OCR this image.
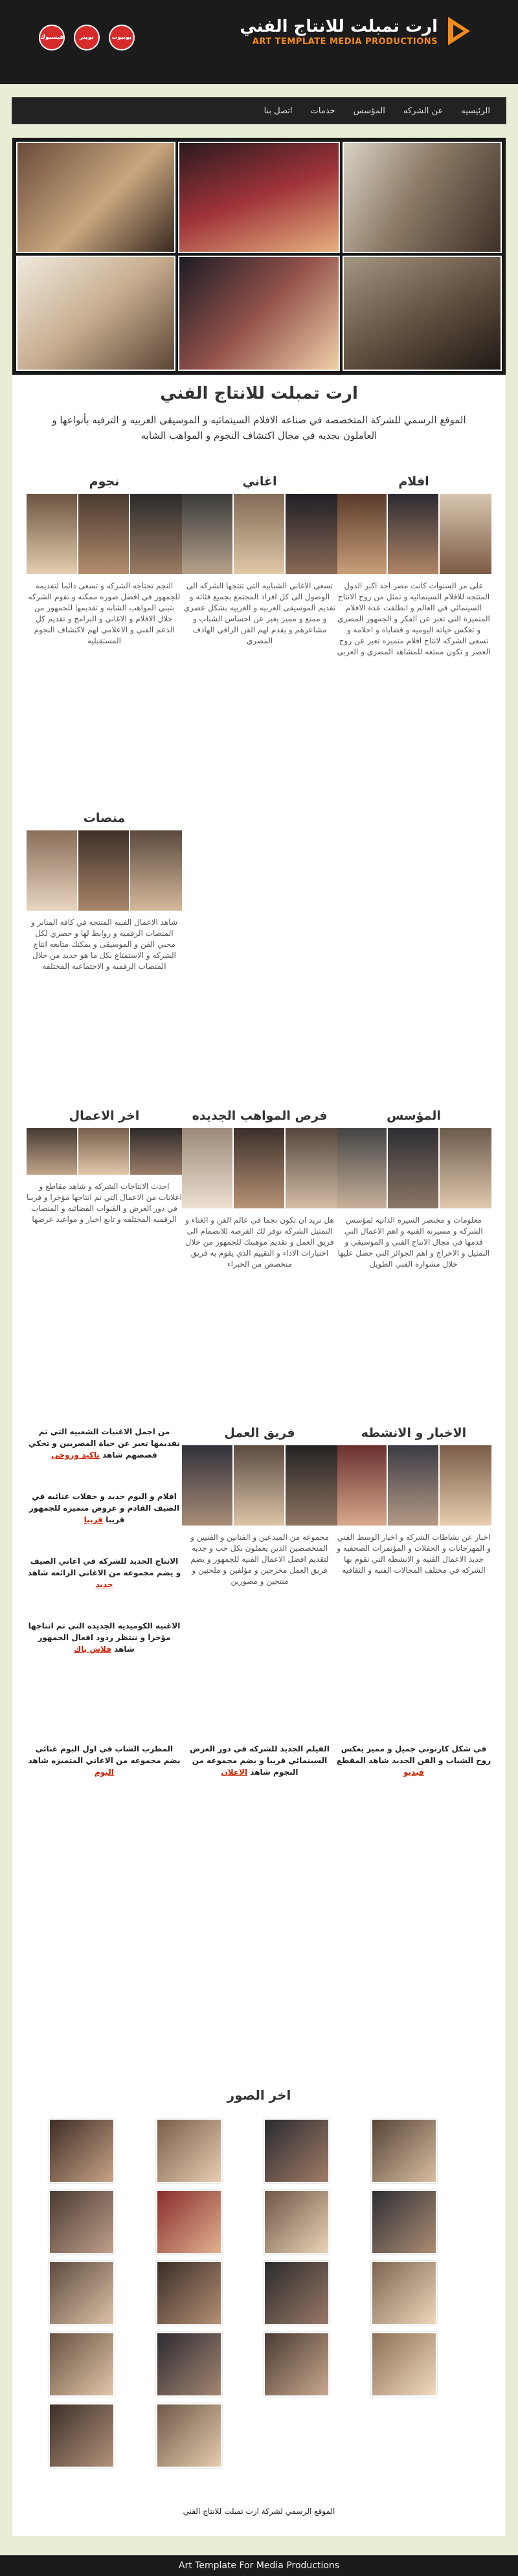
ارت تمبلت للانتاج الفني
ART TEMPLATE MEDIA PRODUCTIONS
فيسبوك	تويتر	يوتيوب
الرئيسيه
عن الشركه
المؤسس
خدمات
اتصل بنا
ارت تمبلت للانتاج الفني
الموقع الرسمي للشركة المتخصصه في صناعه الافلام السينمائيه و الموسيقى العربيه و الترفيه بأنواعها و العاملون بجديه في مجال اكتشاف النجوم و المواهب الشابه
افلام

على مر السنوات كانت مصر احد اكبر الدول المنتجه للافلام السينمائيه و تمثل من روح الانتاج السينمائي في العالم و انطلقت عدة الافلام المتميزة التي تعبر عن الفكر و الجمهور المصري و تعكس حياته اليوميه و قضاياه و احلامه و تسعى الشركه لانتاج افلام متميزه تعبر عن روح العصر و تكون ممتعه للمشاهد المصري و العربي

اغاني

تسعى الاغاني الشبابيه التي تنتجها الشركه الى الوصول الى كل افراد المجتمع بجميع فئاته و تقديم الموسيقى العربيه و الغربيه بشكل عصري و ممتع و مميز يعبر عن احساس الشباب و مشاعرهم و يقدم لهم الفن الراقي الهادف المصري

نجوم

النجم تحتاجه الشركه و تسعى دائما لتقديمه للجمهور في افضل صوره ممكنه و تقوم الشركه بتبني المواهب الشابه و تقديمها للجمهور من خلال الافلام و الاغاني و البرامج و تقديم كل الدعم الفني و الاعلامي لهم لاكتشاف النجوم المستقبليه

منصات

شاهد الاعمال الفنيه المنتجه في كافه المنابر و المنصات الرقميه و روابط لها و حصري لكل محبي الفن و الموسيقى و يمكنك متابعه انتاج الشركه و الاستمتاع بكل ما هو جديد من خلال المنصات الرقميه و الاجتماعيه المختلفه

المؤسس

معلومات و مختصر السيره الذاتيه لمؤسس الشركه و مسيرته الفنيه و اهم الاعمال التي قدمها في مجال الانتاج الفني و الموسيقي و التمثيل و الاخراج و اهم الجوائز التي حصل عليها خلال مشواره الفني الطويل

فرص المواهب الجديده

هل تريد ان تكون نجما في عالم الفن و الغناء و التمثيل الشركه توفر لك الفرصه للانضمام الى فريق العمل و تقديم موهبتك للجمهور من خلال اختبارات الاداء و التقييم الذي يقوم به فريق متخصص من الخبراء

اخر الاعمال

احدث الانتاجات الشركه و شاهد مقاطع و اعلانات من الاعمال التي تم انتاجها مؤخرا و قريبا في دور العرض و القنوات الفضائيه و المنصات الرقميه المختلفه و تابع اخبار و مواعيد عرضها

الاخبار و الانشطه

اخبار عن نشاطات الشركه و اخبار الوسط الفني و المهرجانات و الحفلات و المؤتمرات الصحفيه و جديد الاعمال الفنيه و الانشطه التي تقوم بها الشركه في مختلف المجالات الفنيه و الثقافيه

فريق العمل

مجموعه من المبدعين و الفنانين و الفنيين و المتخصصين الذين يعملون بكل حب و جديه لتقديم افضل الاعمال الفنيه للجمهور و يضم فريق العمل مخرجين و مؤلفين و ملحنين و منتجين و مصورين

من اجمل الاغنيات الشعبيه التي تم تقديمها تعبر عن حياة المصريين و تحكي قصصهم شاهد تاكيد وروحي
افلام و البوم جديد و حفلات غنائيه في الصيف القادم و عروض متميزه للجمهور قريبا قريبا
الانتاج الجديد للشركه في اغاني الصيف و يضم مجموعه من الاغاني الرائعه شاهد جديد
الاغنيه الكوميديه الجديده التي تم انتاجها مؤخرا و ننتظر ردود افعال الجمهور شاهد فلاش باك
في شكل كارتوني جميل و مميز يعكس روح الشباب و الفن الجديد شاهد المقطع فيديو
الفيلم الجديد للشركه في دور العرض السينمائي قريبا و يضم مجموعه من النجوم شاهد الاعلان
المطرب الشاب في اول البوم غنائي يضم مجموعه من الاغاني المتميزه شاهد البوم
اخر الصور
الموقع الرسمي لشركة ارت تمبلت للانتاج الفني
Art Template For Media Productions
